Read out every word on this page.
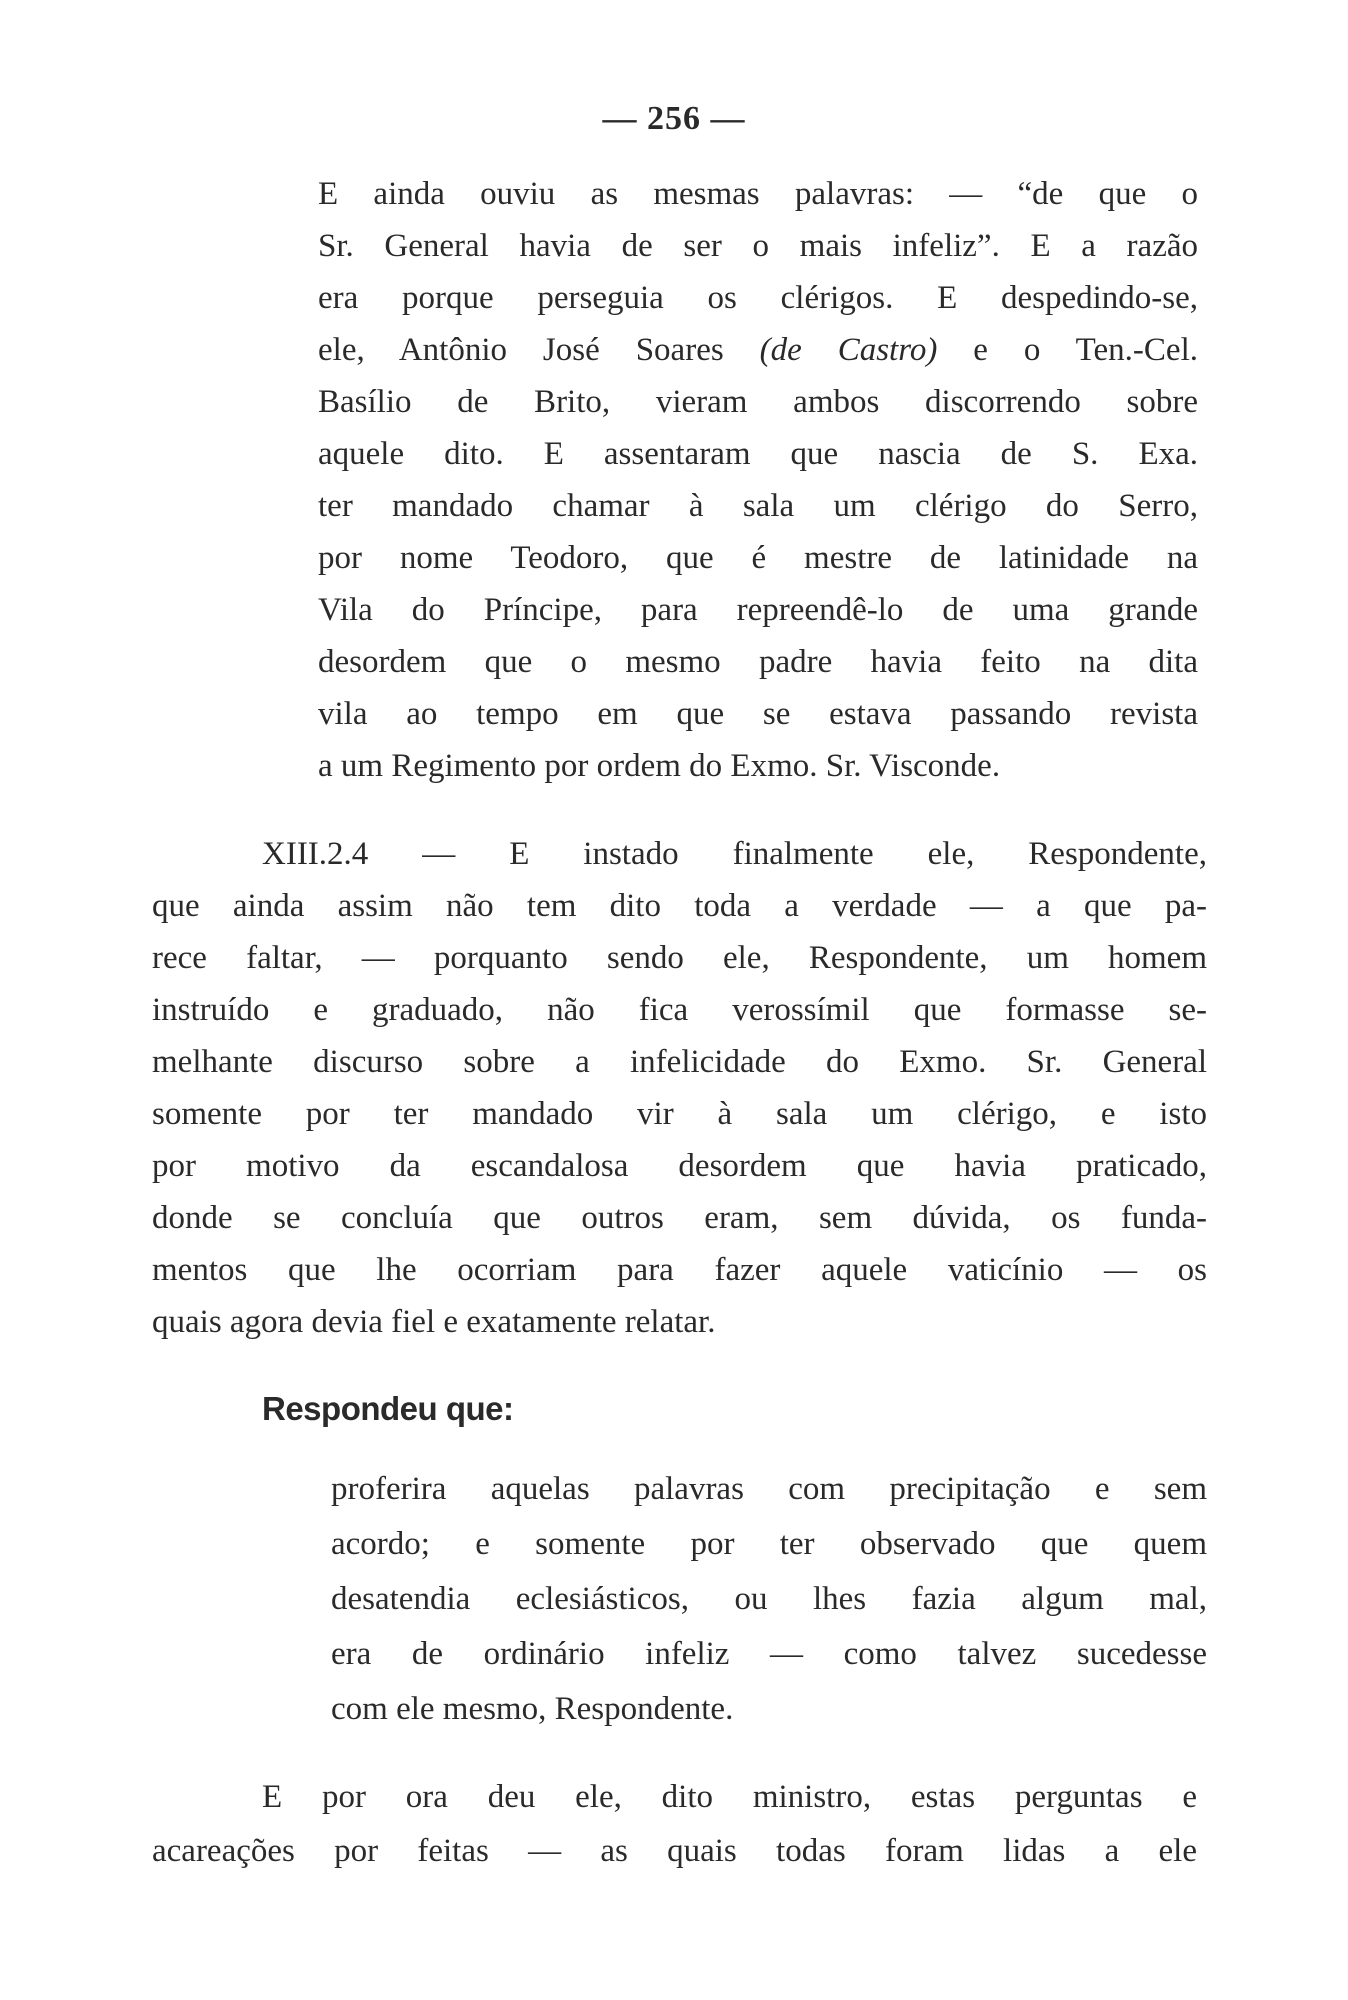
— 256 —
E ainda ouviu as mesmas palavras: — “de que o
Sr. General havia de ser o mais infeliz”. E a razão
era porque perseguia os clérigos. E despedindo-se,
ele, Antônio José Soares (de Castro) e o Ten.-Cel.
Basílio de Brito, vieram ambos discorrendo sobre
aquele dito. E assentaram que nascia de S. Exa.
ter mandado chamar à sala um clérigo do Serro,
por nome Teodoro, que é mestre de latinidade na
Vila do Príncipe, para repreendê-lo de uma grande
desordem que o mesmo padre havia feito na dita
vila ao tempo em que se estava passando revista
a um Regimento por ordem do Exmo. Sr. Visconde.
XIII.2.4 — E instado finalmente ele, Respondente,
que ainda assim não tem dito toda a verdade — a que pa-
rece faltar, — porquanto sendo ele, Respondente, um homem
instruído e graduado, não fica verossímil que formasse se-
melhante discurso sobre a infelicidade do Exmo. Sr. General
somente por ter mandado vir à sala um clérigo, e isto
por motivo da escandalosa desordem que havia praticado,
donde se concluía que outros eram, sem dúvida, os funda-
mentos que lhe ocorriam para fazer aquele vaticínio — os
quais agora devia fiel e exatamente relatar.
Respondeu que:
proferira aquelas palavras com precipitação e sem
acordo; e somente por ter observado que quem
desatendia eclesiásticos, ou lhes fazia algum mal,
era de ordinário infeliz — como talvez sucedesse
com ele mesmo, Respondente.
E por ora deu ele, dito ministro, estas perguntas e
acareações por feitas — as quais todas foram lidas a ele
